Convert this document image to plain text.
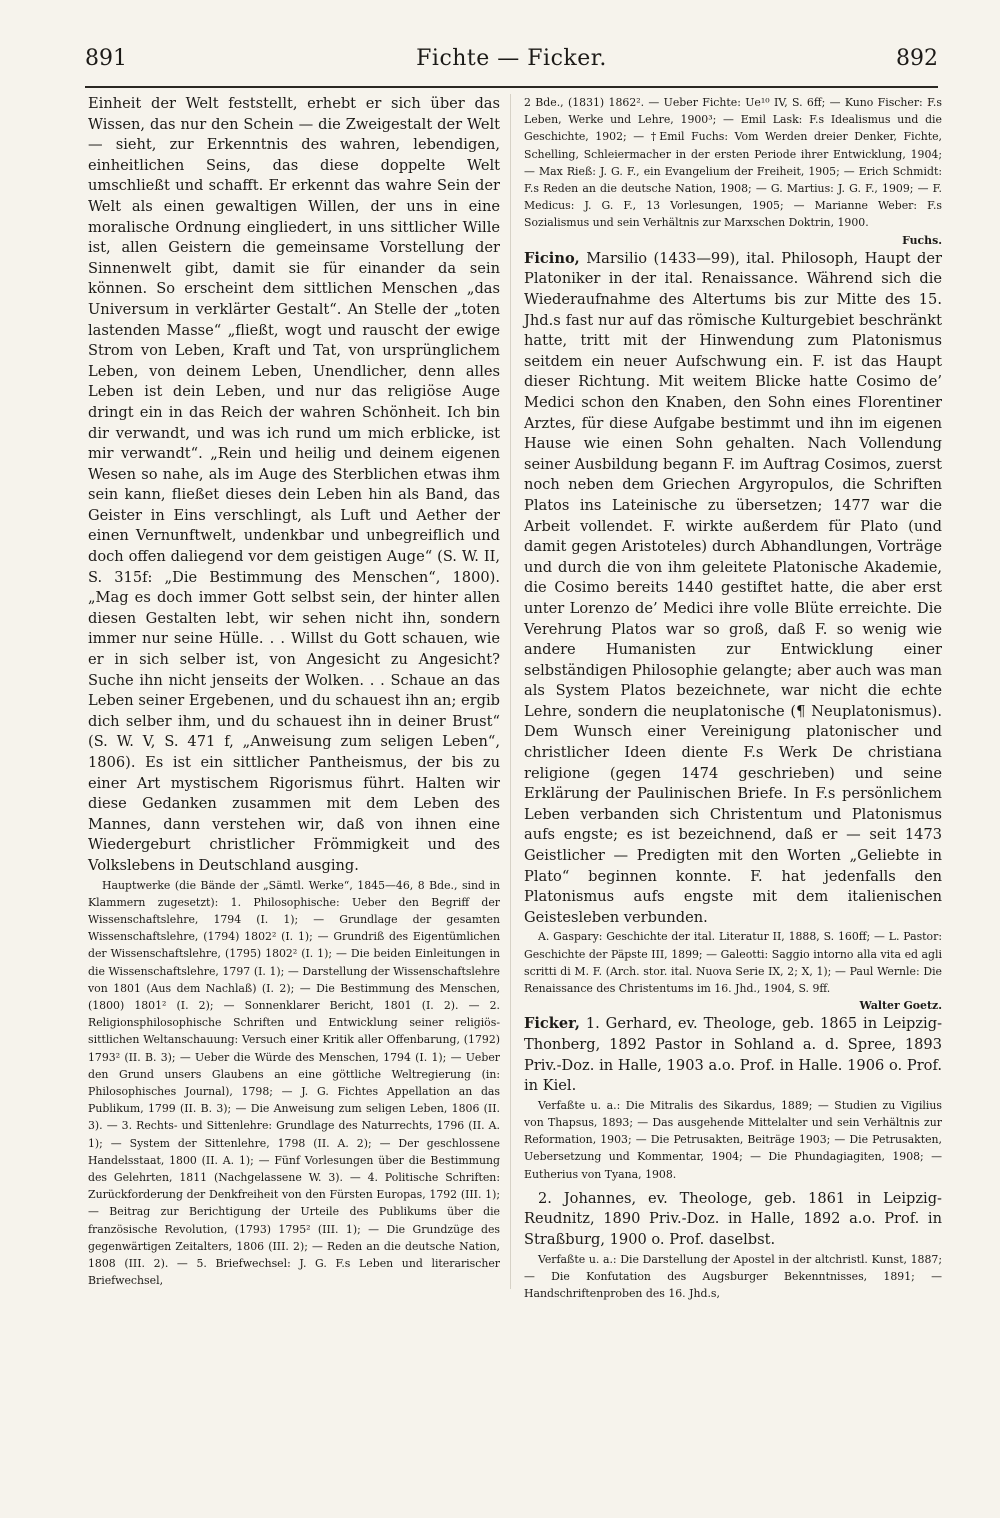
891	Fichte — Ficker.	892

Einheit der Welt feststellt, erhebt er sich über das Wissen, das nur den Schein — die Zweigestalt der Welt — sieht, zur Erkenntnis des wahren, lebendigen, einheitlichen Seins, das diese doppelte Welt umschließt und schafft. Er erkennt das wahre Sein der Welt als einen gewaltigen Willen, der uns in eine moralische Ordnung eingliedert, in uns sittlicher Wille ist, allen Geistern die gemeinsame Vorstellung der Sinnenwelt gibt, damit sie für einander da sein können. So erscheint dem sittlichen Menschen „das Universum in verklärter Gestalt“. An Stelle der „toten lastenden Masse“ „fließt, wogt und rauscht der ewige Strom von Leben, Kraft und Tat, von ursprünglichem Leben, von deinem Leben, Unendlicher, denn alles Leben ist dein Leben, und nur das religiöse Auge dringt ein in das Reich der wahren Schönheit. Ich bin dir verwandt, und was ich rund um mich erblicke, ist mir verwandt“. „Rein und heilig und deinem eigenen Wesen so nahe, als im Auge des Sterblichen etwas ihm sein kann, fließet dieses dein Leben hin als Band, das Geister in Eins verschlingt, als Luft und Aether der einen Vernunftwelt, undenkbar und unbegreiflich und doch offen daliegend vor dem geistigen Auge“ (S. W. II, S. 315f: „Die Bestimmung des Menschen“, 1800). „Mag es doch immer Gott selbst sein, der hinter allen diesen Gestalten lebt, wir sehen nicht ihn, sondern immer nur seine Hülle. . . Willst du Gott schauen, wie er in sich selber ist, von Angesicht zu Angesicht? Suche ihn nicht jenseits der Wolken. . . Schaue an das Leben seiner Ergebenen, und du schauest ihn an; ergib dich selber ihm, und du schauest ihn in deiner Brust“ (S. W. V, S. 471 f, „Anweisung zum seligen Leben“, 1806). Es ist ein sittlicher Pantheismus, der bis zu einer Art mystischem Rigorismus führt. Halten wir diese Gedanken zusammen mit dem Leben des Mannes, dann verstehen wir, daß von ihnen eine Wiedergeburt christlicher Frömmigkeit und des Volkslebens in Deutschland ausging.

Hauptwerke (die Bände der „Sämtl. Werke“, 1845—46, 8 Bde., sind in Klammern zugesetzt): 1. Philosophische: Ueber den Begriff der Wissenschaftslehre, 1794 (I. 1); — Grundlage der gesamten Wissenschaftslehre, (1794) 1802² (I. 1); — Grundriß des Eigentümlichen der Wissenschaftslehre, (1795) 1802² (I. 1); — Die beiden Einleitungen in die Wissenschaftslehre, 1797 (I. 1); — Darstellung der Wissenschaftslehre von 1801 (Aus dem Nachlaß) (I. 2); — Die Bestimmung des Menschen, (1800) 1801² (I. 2); — Sonnenklarer Bericht, 1801 (I. 2). — 2. Religionsphilosophische Schriften und Entwicklung seiner religiös-sittlichen Weltanschauung: Versuch einer Kritik aller Offenbarung, (1792) 1793² (II. B. 3); — Ueber die Würde des Menschen, 1794 (I. 1); — Ueber den Grund unsers Glaubens an eine göttliche Weltregierung (in: Philosophisches Journal), 1798; — J. G. Fichtes Appellation an das Publikum, 1799 (II. B. 3); — Die Anweisung zum seligen Leben, 1806 (II. 3). — 3. Rechts- und Sittenlehre: Grundlage des Naturrechts, 1796 (II. A. 1); — System der Sittenlehre, 1798 (II. A. 2); — Der geschlossene Handelsstaat, 1800 (II. A. 1); — Fünf Vorlesungen über die Bestimmung des Gelehrten, 1811 (Nachgelassene W. 3). — 4. Politische Schriften: Zurückforderung der Denkfreiheit von den Fürsten Europas, 1792 (III. 1); — Beitrag zur Berichtigung der Urteile des Publikums über die französische Revolution, (1793) 1795² (III. 1); — Die Grundzüge des gegenwärtigen Zeitalters, 1806 (III. 2); — Reden an die deutsche Nation, 1808 (III. 2). — 5. Briefwechsel: J. G. F.s Leben und literarischer Briefwechsel,

2 Bde., (1831) 1862². — Ueber Fichte: Ue¹⁰ IV, S. 6ff; — Kuno Fischer: F.s Leben, Werke und Lehre, 1900³; — Emil Lask: F.s Idealismus und die Geschichte, 1902; — †Emil Fuchs: Vom Werden dreier Denker, Fichte, Schelling, Schleiermacher in der ersten Periode ihrer Entwicklung, 1904; — Max Rieß: J. G. F., ein Evangelium der Freiheit, 1905; — Erich Schmidt: F.s Reden an die deutsche Nation, 1908; — G. Martius: J. G. F., 1909; — F. Medicus: J. G. F., 13 Vorlesungen, 1905; — Marianne Weber: F.s Sozialismus und sein Verhältnis zur Marxschen Doktrin, 1900.

Fuchs.

Ficino, Marsilio (1433—99), ital. Philosoph, Haupt der Platoniker in der ital. Renaissance. Während sich die Wiederaufnahme des Altertums bis zur Mitte des 15. Jhd.s fast nur auf das römische Kulturgebiet beschränkt hatte, tritt mit der Hinwendung zum Platonismus seitdem ein neuer Aufschwung ein. F. ist das Haupt dieser Richtung. Mit weitem Blicke hatte Cosimo de’ Medici schon den Knaben, den Sohn eines Florentiner Arztes, für diese Aufgabe bestimmt und ihn im eigenen Hause wie einen Sohn gehalten. Nach Vollendung seiner Ausbildung begann F. im Auftrag Cosimos, zuerst noch neben dem Griechen Argyropulos, die Schriften Platos ins Lateinische zu übersetzen; 1477 war die Arbeit vollendet. F. wirkte außerdem für Plato (und damit gegen Aristoteles) durch Abhandlungen, Vorträge und durch die von ihm geleitete Platonische Akademie, die Cosimo bereits 1440 gestiftet hatte, die aber erst unter Lorenzo de’ Medici ihre volle Blüte erreichte. Die Verehrung Platos war so groß, daß F. so wenig wie andere Humanisten zur Entwicklung einer selbständigen Philosophie gelangte; aber auch was man als System Platos bezeichnete, war nicht die echte Lehre, sondern die neuplatonische (¶ Neuplatonismus). Dem Wunsch einer Vereinigung platonischer und christlicher Ideen diente F.s Werk De christiana religione (gegen 1474 geschrieben) und seine Erklärung der Paulinischen Briefe. In F.s persönlichem Leben verbanden sich Christentum und Platonismus aufs engste; es ist bezeichnend, daß er — seit 1473 Geistlicher — Predigten mit den Worten „Geliebte in Plato“ beginnen konnte. F. hat jedenfalls den Platonismus aufs engste mit dem italienischen Geistesleben verbunden.

A. Gaspary: Geschichte der ital. Literatur II, 1888, S. 160ff; — L. Pastor: Geschichte der Päpste III, 1899; — Galeotti: Saggio intorno alla vita ed agli scritti di M. F. (Arch. stor. ital. Nuova Serie IX, 2; X, 1); — Paul Wernle: Die Renaissance des Christentums im 16. Jhd., 1904, S. 9ff.

Walter Goetz.

Ficker, 1. Gerhard, ev. Theologe, geb. 1865 in Leipzig-Thonberg, 1892 Pastor in Sohland a. d. Spree, 1893 Priv.-Doz. in Halle, 1903 a.o. Prof. in Halle. 1906 o. Prof. in Kiel.

Verfaßte u. a.: Die Mitralis des Sikardus, 1889; — Studien zu Vigilius von Thapsus, 1893; — Das ausgehende Mittelalter und sein Verhältnis zur Reformation, 1903; — Die Petrusakten, Beiträge 1903; — Die Petrusakten, Uebersetzung und Kommentar, 1904; — Die Phundagiagiten, 1908; — Eutherius von Tyana, 1908.

2. Johannes, ev. Theologe, geb. 1861 in Leipzig-Reudnitz, 1890 Priv.-Doz. in Halle, 1892 a.o. Prof. in Straßburg, 1900 o. Prof. daselbst.

Verfaßte u. a.: Die Darstellung der Apostel in der altchristl. Kunst, 1887; — Die Konfutation des Augsburger Bekenntnisses, 1891; — Handschriftenproben des 16. Jhd.s,
